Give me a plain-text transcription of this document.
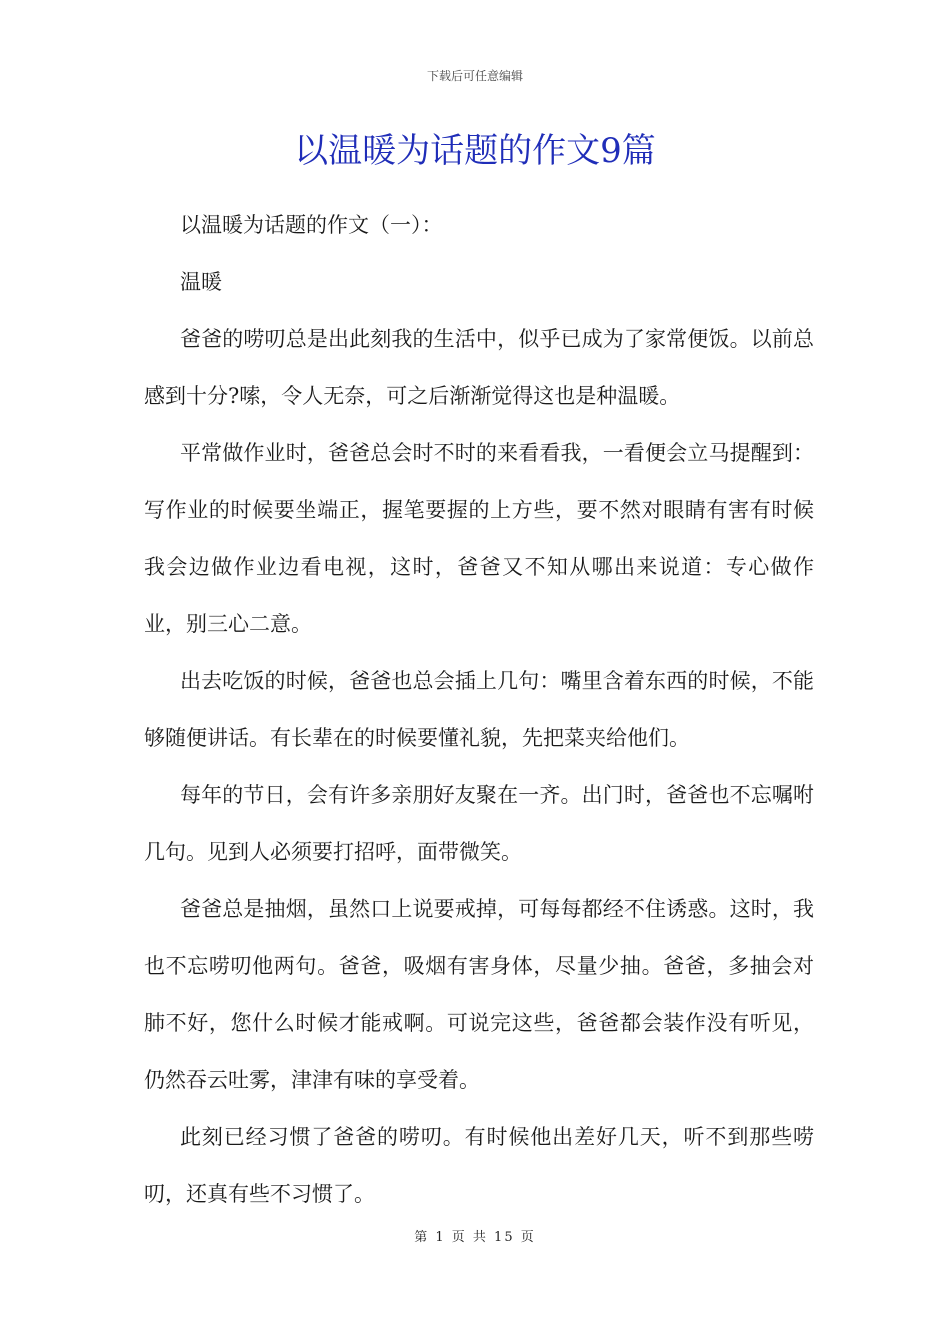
下载后可任意编辑
以温暖为话题的作文9篇

以温暖为话题的作文（一）：

温暖

爸爸的唠叨总是出此刻我的生活中，似乎已成为了家常便饭。以前总感到十分?嗦，令人无奈，可之后渐渐觉得这也是种温暖。

平常做作业时，爸爸总会时不时的来看看我，一看便会立马提醒到：写作业的时候要坐端正，握笔要握的上方些，要不然对眼睛有害有时候我会边做作业边看电视，这时，爸爸又不知从哪出来说道：专心做作业，别三心二意。

出去吃饭的时候，爸爸也总会插上几句：嘴里含着东西的时候，不能够随便讲话。有长辈在的时候要懂礼貌，先把菜夹给他们。

每年的节日，会有许多亲朋好友聚在一齐。出门时，爸爸也不忘嘱咐几句。见到人必须要打招呼，面带微笑。

爸爸总是抽烟，虽然口上说要戒掉，可每每都经不住诱惑。这时，我也不忘唠叨他两句。爸爸，吸烟有害身体，尽量少抽。爸爸，多抽会对肺不好，您什么时候才能戒啊。可说完这些，爸爸都会装作没有听见，仍然吞云吐雾，津津有味的享受着。

此刻已经习惯了爸爸的唠叨。有时候他出差好几天，听不到那些唠叨，还真有些不习惯了。

第 1 页 共 15 页
